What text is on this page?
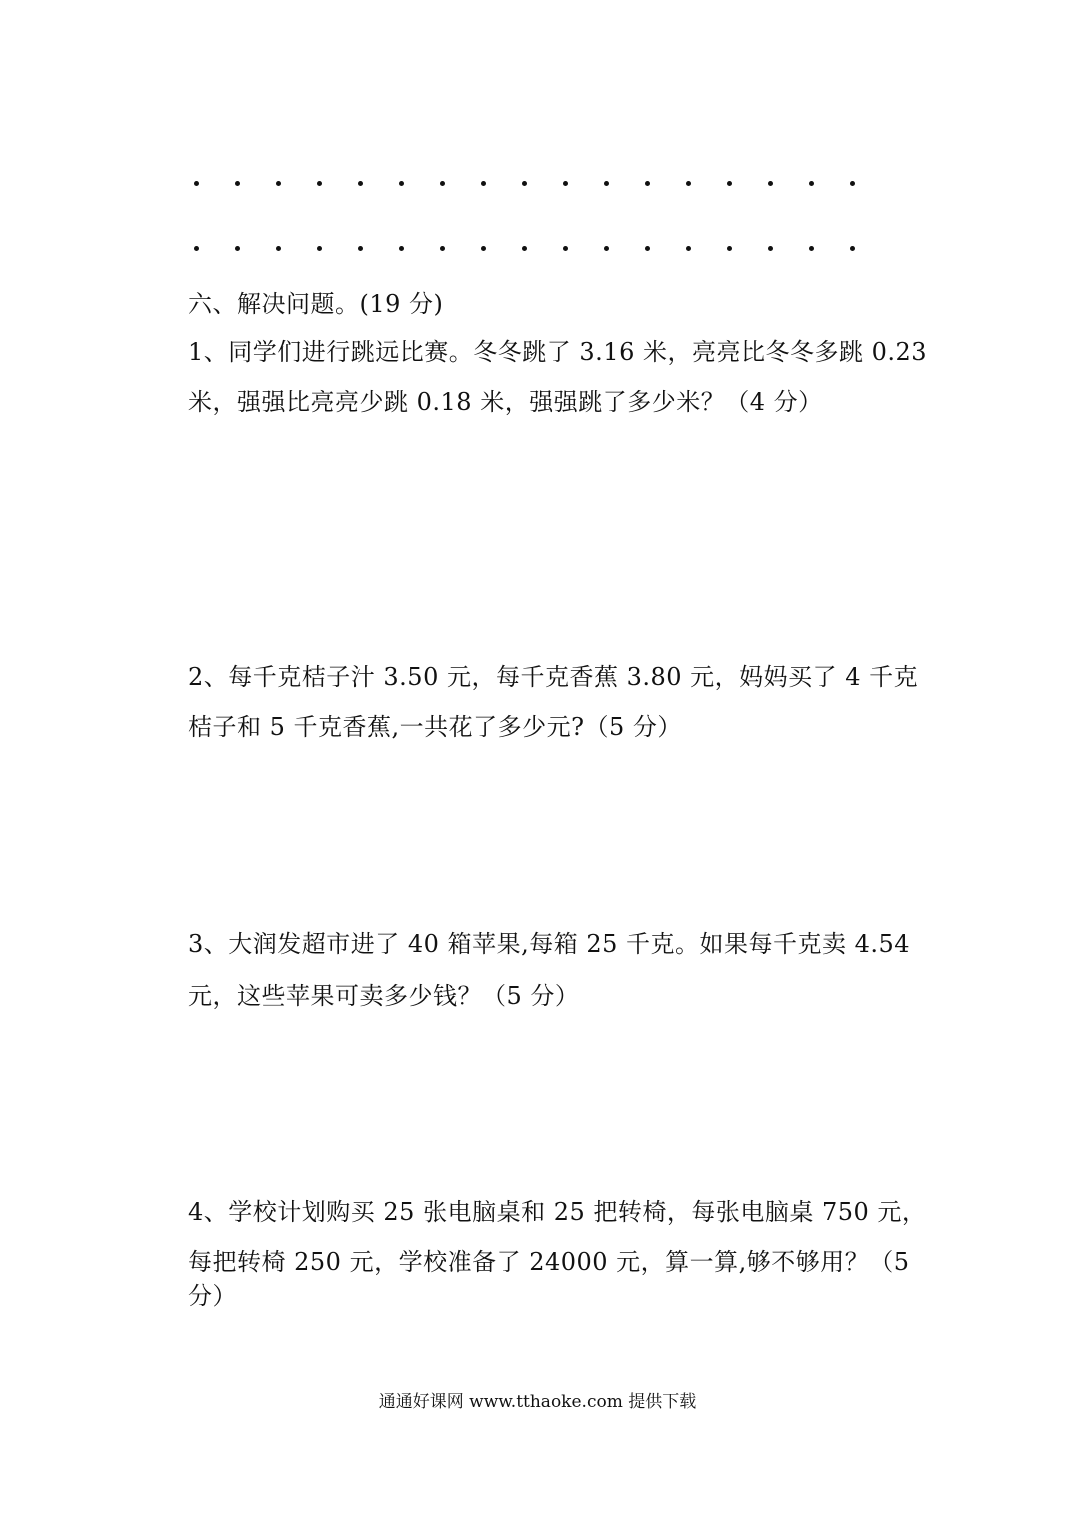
六、解决问题。(19 分)
1、同学们进行跳远比赛。冬冬跳了 3.16 米，亮亮比冬冬多跳 0.23
米，强强比亮亮少跳 0.18 米，强强跳了多少米？（4 分）
2、每千克桔子汁 3.50 元，每千克香蕉 3.80 元，妈妈买了 4 千克
桔子和 5 千克香蕉,一共花了多少元?（5 分）
3、大润发超市进了 40 箱苹果,每箱 25 千克。如果每千克卖 4.54
元，这些苹果可卖多少钱？（5 分）
4、学校计划购买 25 张电脑桌和 25 把转椅，每张电脑桌 750 元，
每把转椅 250 元，学校准备了 24000 元，算一算,够不够用？（5
分）
通通好课网 www.tthaoke.com 提供下载
